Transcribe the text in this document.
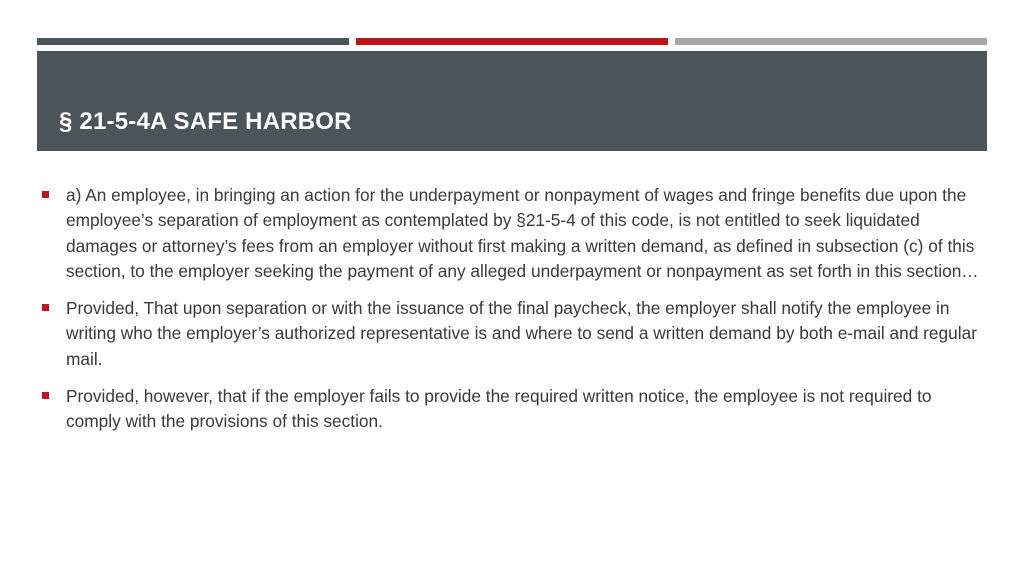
§ 21-5-4A SAFE HARBOR
a) An employee, in bringing an action for the underpayment or nonpayment of wages and fringe benefits due upon the employee’s separation of employment as contemplated by §21-5-4 of this code, is not entitled to seek liquidated damages or attorney’s fees from an employer without first making a written demand, as defined in subsection (c) of this section, to the employer seeking the payment of any alleged underpayment or nonpayment as set forth in this section…
Provided, That upon separation or with the issuance of the final paycheck, the employer shall notify the employee in writing who the employer’s authorized representative is and where to send a written demand by both e-mail and regular mail.
Provided, however, that if the employer fails to provide the required written notice, the employee is not required to comply with the provisions of this section.
